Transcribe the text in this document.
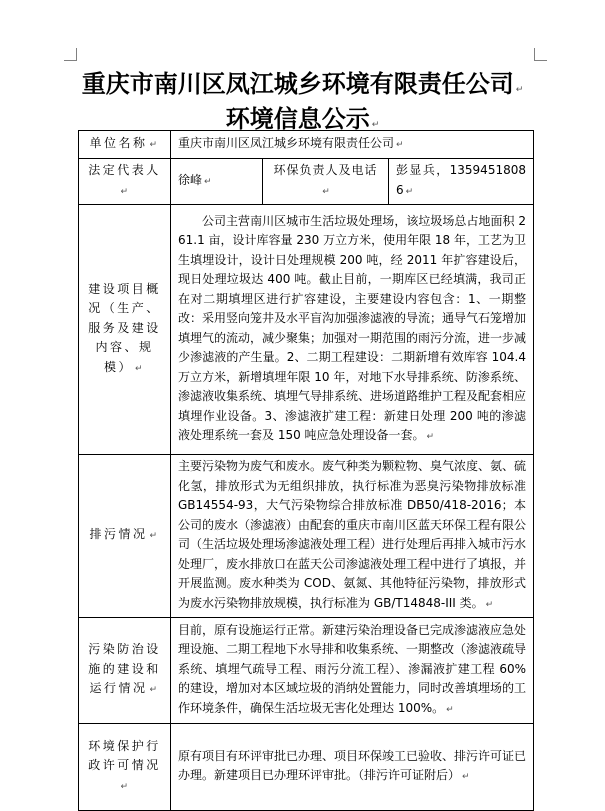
重庆市南川区凤江城乡环境有限责任公司 ↵
环境信息公示 ↵
单位名称 ↵	重庆市南川区凤江城乡环境有限责任公司 ↵		
法定代表人↵	徐峰 ↵	环保负责人及电话↵	彭显兵，13594518086 ↵
建设项目概况（生产、服务及建设内容、规模） ↵	公司主营南川区城市生活垃圾处理场，该垃圾场总占地面积 261.1 亩，设计库容量 230 万立方米，使用年限 18 年，工艺为卫生填埋设计，设计日处理规模 200 吨，经 2011 年扩容建设后，现日处理垃圾达 400 吨。截止目前，一期库区已经填满，我司正在对二期填埋区进行扩容建设，主要建设内容包含：1、一期整改：采用竖向笼井及水平盲沟加强渗滤液的导流；通导气石笼增加填埋气的流动，减少聚集；加强对一期范围的雨污分流，进一步减少渗滤液的产生量。2、二期工程建设：二期新增有效库容 104.4 万立方米，新增填埋年限 10 年，对地下水导排系统、防渗系统、渗滤液收集系统、填埋气导排系统、进场道路维护工程及配套相应填埋作业设备。3、渗滤液扩建工程：新建日处理 200 吨的渗滤液处理系统一套及 150 吨应急处理设备一套。 ↵		

排污情况 ↵	主要污染物为废气和废水。废气种类为颗粒物、臭气浓度、氨、硫化氢，排放形式为无组织排放，执行标准为恶臭污染物排放标准 GB14554-93，大气污染物综合排放标准 DB50/418-2016；本公司的废水（渗滤液）由配套的重庆市南川区蓝天环保工程有限公司（生活垃圾处理场渗滤液处理工程）进行处理后再排入城市污水处理厂，废水排放口在蓝天公司渗滤液处理工程中进行了填报，并开展监测。废水种类为 COD、氨氮、其他特征污染物，排放形式为废水污染物排放规模，执行标准为 GB/T14848-III 类。 ↵		
污染防治设施的建设和运行情况 ↵	目前，原有设施运行正常。新建污染治理设备已完成渗滤液应急处理设施、二期工程地下水导排和收集系统、一期整改（渗滤液疏导系统、填埋气疏导工程、雨污分流工程）、渗漏液扩建工程 60%的建设，增加对本区域垃圾的消纳处置能力，同时改善填埋场的工作环境条件，确保生活垃圾无害化处理达 100%。 ↵		
环境保护行政许可情况↵	原有项目有环评审批已办理、项目环保竣工已验收、排污许可证已办理。新建项目已办理环评审批。（排污许可证附后） ↵		
